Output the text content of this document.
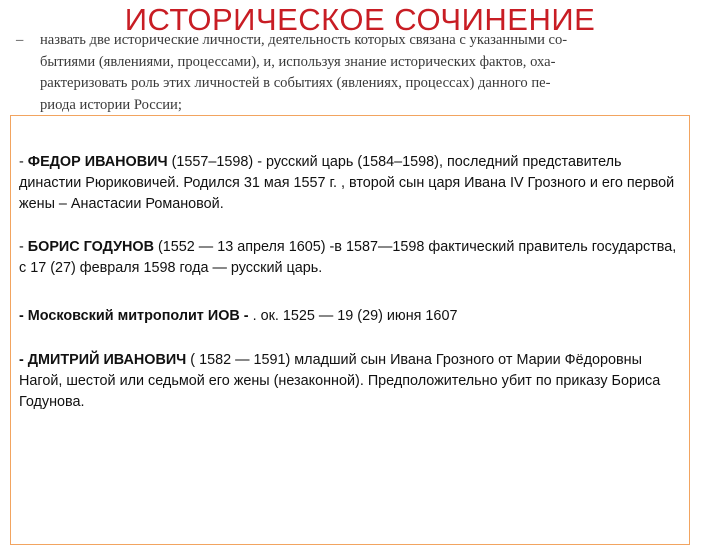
ИСТОРИЧЕСКОЕ СОЧИНЕНИЕ
–	назвать две исторические личности, деятельность которых связана с указанными со-
бытиями (явлениями, процессами), и, используя знание исторических фактов, оха-
рактеризовать роль этих личностей в событиях (явлениях, процессах) данного пе-
риода истории России;
- ФЕДОР ИВАНОВИЧ (1557–1598) - русский царь (1584–1598), последний представитель династии Рюриковичей. Родился 31 мая 1557 г. , второй сын царя Ивана IV Грозного и его первой жены – Анастасии Романовой.
- БОРИС ГОДУНОВ (1552 — 13 апреля 1605) -в 1587—1598 фактический правитель государства, с 17 (27) февраля 1598 года — русский царь.
- Московский митрополит ИОВ - . ок. 1525 — 19 (29) июня 1607
- ДМИТРИЙ ИВАНОВИЧ ( 1582 — 1591) младший сын Ивана Грозного от Марии Фёдоровны Нагой, шестой или седьмой его жены (незаконной). Предположительно убит по приказу Бориса Годунова.
